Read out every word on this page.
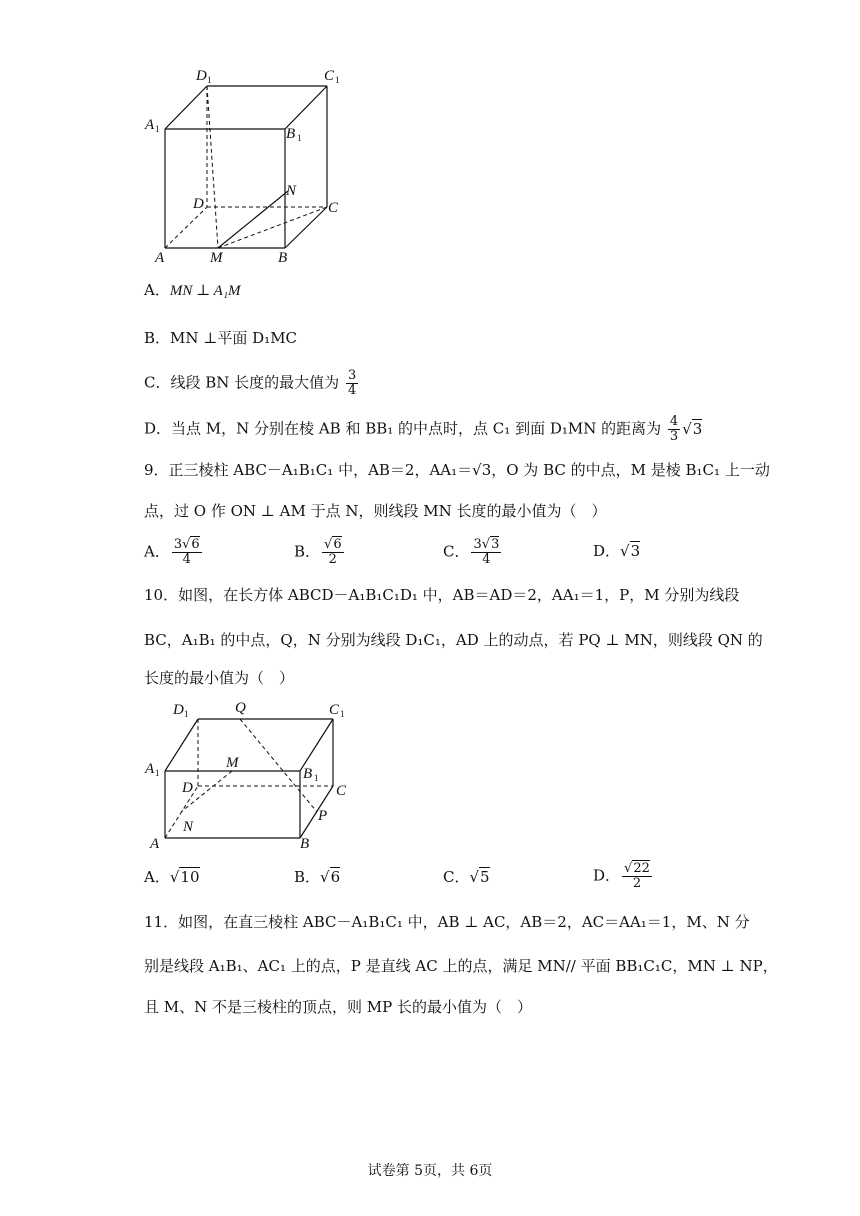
D 1	C 1
A 1	B 1
N
D	C
A	M	B
A．MN ⊥ A₁M
B．MN ⊥平面 D₁MC
C．线段 BN 长度的最大值为 $\frac{3}{4}$
D．当点 M，N 分别在棱 AB 和 BB₁ 的中点时，点 C₁ 到面 D₁MN 的距离为 $\frac{4}{3} √3$
9．正三棱柱 ABC－A₁B₁C₁ 中，AB＝2，AA₁＝√3，O 为 BC 的中点，M 是棱 B₁C₁ 上一动
点，过 O 作 ON ⊥ AM 于点 N，则线段 MN 长度的最小值为（　）
A． $\frac{3√6}{4}$	B． $\frac{√6}{2}$	C． $\frac{3√3}{4}$	D．√3
10．如图，在长方体 ABCD－A₁B₁C₁D₁ 中，AB＝AD＝2，AA₁＝1，P，M 分别为线段
BC，A₁B₁ 的中点，Q，N 分别为线段 D₁C₁，AD 上的动点，若 PQ ⊥ MN，则线段 QN 的
长度的最小值为（　）
D 1	Q	C 1
A 1
M
B 1
D	C
N
P
A	B
A．√10	B．√6	C．√5	D． $\frac{√22}{2}$
11．如图，在直三棱柱 ABC－A₁B₁C₁ 中，AB ⊥ AC，AB＝2，AC＝AA₁＝1，M、N 分
别是线段 A₁B₁、AC₁ 上的点，P 是直线 AC 上的点，满足 MN// 平面 BB₁C₁C，MN ⊥ NP，
且 M、N 不是三棱柱的顶点，则 MP 长的最小值为（　）
试卷第 5页，共 6页
